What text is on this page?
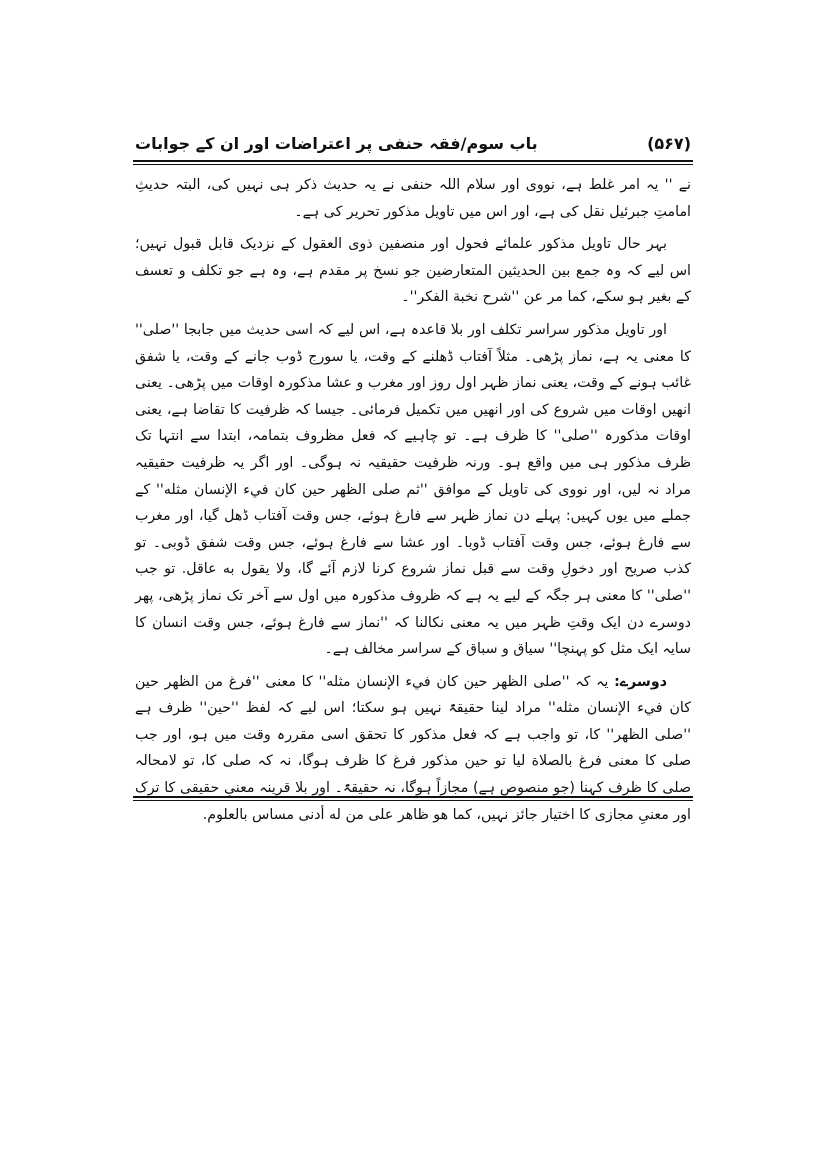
باب سوم/فقہ حنفی پر اعتراضات اور ان کے جوابات	(۵۶۷)

نے '' یہ امر غلط ہے، نووی اور سلام اللہ حنفی نے یہ حدیث ذکر ہی نہیں کی، البتہ حدیثِ امامتِ جبرئیل نقل کی ہے، اور اس میں تاویل مذکور تحریر کی ہے۔

بہر حال تاویل مذکور علمائے فحول اور منصفین ذوی العقول کے نزدیک قابل قبول نہیں؛ اس لیے کہ وہ جمع بین الحدیثین المتعارضین جو نسخ پر مقدم ہے، وہ ہے جو تکلف و تعسف کے بغیر ہو سکے، کما مر عن ''شرح نخبة الفكر''۔

اور تاویل مذکور سراسر تکلف اور بلا قاعدہ ہے، اس لیے کہ اسی حدیث میں جابجا ''صلی'' کا معنی یہ ہے، نماز پڑھی۔ مثلاً آفتاب ڈھلنے کے وقت، یا سورج ڈوب جانے کے وقت، یا شفق غائب ہونے کے وقت، یعنی نماز ظہر اول روز اور مغرب و عشا مذکورہ اوقات میں پڑھی۔ یعنی انھیں اوقات میں شروع کی اور انھیں میں تکمیل فرمائی۔ جیسا کہ ظرفیت کا تقاضا ہے، یعنی اوقات مذکورہ ''صلی'' کا ظرف ہے۔ تو چاہیے کہ فعل مظروف بتمامہ، ابتدا سے انتہا تک ظرف مذکور ہی میں واقع ہو۔ ورنہ ظرفیت حقیقیہ نہ ہوگی۔ اور اگر یہ ظرفیت حقیقیہ مراد نہ لیں، اور نووی کی تاویل کے موافق ''ثم صلی الظهر حين كان فيء الإنسان مثله'' کے جملے میں یوں کہیں: پہلے دن نماز ظہر سے فارغ ہوئے، جس وقت آفتاب ڈھل گیا، اور مغرب سے فارغ ہوئے، جس وقت آفتاب ڈوبا۔ اور عشا سے فارغ ہوئے، جس وقت شفق ڈوبی۔ تو کذب صریح اور دخولِ وقت سے قبل نماز شروع کرنا لازم آئے گا، ولا يقول به عاقل. تو جب ''صلی'' کا معنی ہر جگہ کے لیے یہ ہے کہ ظروف مذکورہ میں اول سے آخر تک نماز پڑھی، پھر دوسرے دن ایک وقتِ ظہر میں یہ معنی نکالنا کہ ''نماز سے فارغ ہوئے، جس وقت انسان کا سایہ ایک مثل کو پہنچا'' سیاق و سباق کے سراسر مخالف ہے۔

دوسرے: یہ کہ ''صلى الظهر حين كان فيء الإنسان مثله'' کا معنی ''فرغ من الظهر حين كان فيء الإنسان مثله'' مراد لینا حقیقۃً نہیں ہو سکتا؛ اس لیے کہ لفظ ''حین'' ظرف ہے ''صلى الظهر'' کا، تو واجب ہے کہ فعل مذکور کا تحقق اسی مقررہ وقت میں ہو، اور جب صلی کا معنی فرغ بالصلاة لیا تو حین مذکور فرغ کا ظرف ہوگا، نہ کہ صلی کا، تو لامحالہ صلی کا ظرف کہنا (جو منصوص ہے) مجازاً ہوگا، نہ حقیقۃً۔ اور بلا قرینہ معنیِ حقیقی کا ترک اور معنیِ مجازی کا اختیار جائز نہیں، كما هو ظاهر على من له أدنى مساس بالعلوم.
